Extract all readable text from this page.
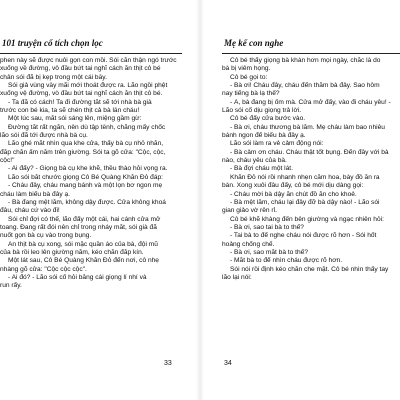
101 truyện cổ tích chọn lọc
phen này sẽ được nuôi gọn con mồi. Sói cắn thận ngó trước
xuống về đường, vô đầu bứt tai nghĩ cách ăn thịt cô bé
chân sói đã bị kẹp trong một cái bẫy.
Sói giả vùng vẫy mãi mới thoát được ra. Lão ngồi phệt
xuống vệ đường, vò đầu bứt tai nghĩ cách ăn thịt cô bé.
- Ta đã có cách! Ta đi đường tắt sẽ tới nhà bà già
trước con bé kia, ta sẽ chén thịt cả bà lẫn cháu!
Một lúc sau, mắt sói sáng lên, miệng gầm gừ:
Đường tắt rất ngắn, nên dù tập tễnh, chẳng mấy chốc
lão sói đã tới được nhà bà cụ.
Lão ghé mắt nhìn qua khe cửa, thấy bà cụ nhỏ nhắn,
đắp chăn ấm nằm trên giường. Sói ta gõ cửa: "Cộc, cộc,
cộc!"
- Ai đấy? - Giọng bà cụ khe khẽ, thều thào hỏi vọng ra.
Lão sói bắt chước giọng Cô Bé Quàng Khăn Đỏ đáp:
- Cháu đây, cháu mang bánh và một lọn bơ ngon mẹ
cháu làm biếu bà đây ạ.
- Bà đang mệt lắm, không dậy được. Cửa không khoá
đâu, cháu cứ vào đi!
Sói chỉ đợi có thế, lão đẩy một cái, hai cánh cửa mở
toang. Đang rất đói nên chỉ trong nháy mắt, sói già đã
nuốt gọn bà cụ vào trong bụng.
Ăn thịt bà cụ xong, sói mặc quần áo của bà, đội mũ
của bà rồi leo lên giường nằm, kéo chăn đắp kín.
Một lát sau, Cô Bé Quàng Khăn Đỏ đến nơi, cô nhẹ
nhàng gõ cửa: "Cộc cộc cộc".
- Ai đó? - Lão sói cố hỏi bằng cái giọng lí nhí và
run rẩy.
33
Mẹ kể con nghe
Cô bé thấy giọng bà khàn hơn mọi ngày, chắc là do
bà bị viêm họng.
Cô bé gọi to:
- Bà ơi! Cháu đây, cháu đến thăm bà đây. Sao hôm
nay tiếng bà lạ thế?
- À, bà đang bị ốm mà. Cửa mở đấy, vào đi cháu yêu! -
Lão sói cố dịu giọng trả lời.
Cô bé đẩy cửa bước vào.
- Bà ơi, cháu thương bà lắm. Mẹ cháu làm bao nhiêu
bánh ngon để biếu bà đây ạ.
Lão sói làm ra vẻ cảm động nói:
- Bà cảm ơn cháu. Cháu thật tốt bụng. Đến đây với bà
nào, cháu yêu của bà.
- Bà đợi cháu một lát.
Khăn Đỏ nói rồi nhanh nhẹn cắm hoa, bày đồ ăn ra
bàn. Xong xuôi đâu đấy, cô bé mới dịu dàng gọi:
- Cháu mời bà dậy ăn chút đồ ăn cho khoẻ.
- Bà mệt lắm, cháu lại đây đỡ bà dậy nào! - Lão sói
gian giảo vờ rên rỉ.
Cô bé khẽ khàng đến bên giường và ngạc nhiên hỏi:
- Bà ơi, sao tai bà to thế?
- Tai bà to để nghe cháu nói được rõ hơn - Sói hốt
hoảng chống chế.
- Bà ơi, sao mắt bà to thế?
- Mắt bà to để nhìn cháu được rõ hơn.
Sói nói rồi định kéo chăn che mặt. Cô bé nhìn thấy tay
lão lại nói:
34
